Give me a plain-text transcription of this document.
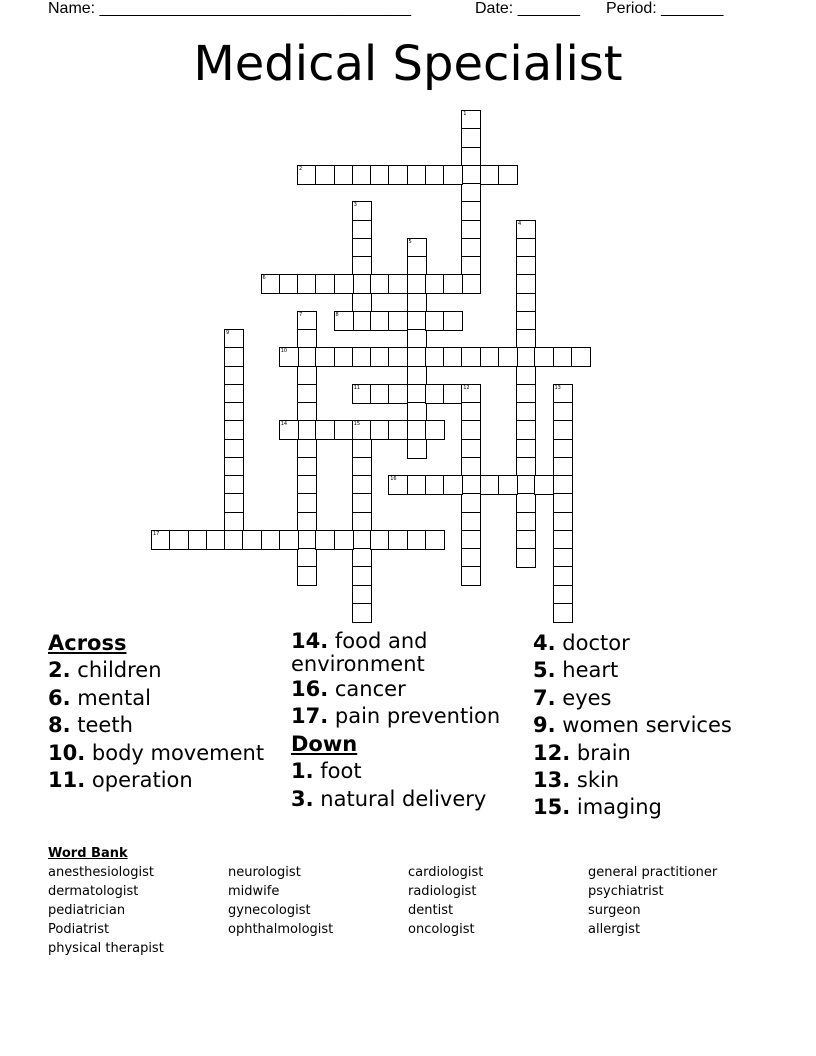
Name: ___________________________________	Date: _______ Period: _______
Medical Specialist
1
2
3
4
5
6
7	8
9
10
11	12	13
14	15
16
17
Across
2. children
6. mental
8. teeth
10. body movement
11. operation
14. food and environment
16. cancer
17. pain prevention
Down
1. foot
3. natural delivery
4. doctor
5. heart
7. eyes
9. women services
12. brain
13. skin
15. imaging
Word Bank
anesthesiologist
dermatologist
pediatrician
Podiatrist
physical therapist
neurologist
midwife
gynecologist
ophthalmologist
cardiologist
radiologist
dentist
oncologist
general practitioner
psychiatrist
surgeon
allergist
